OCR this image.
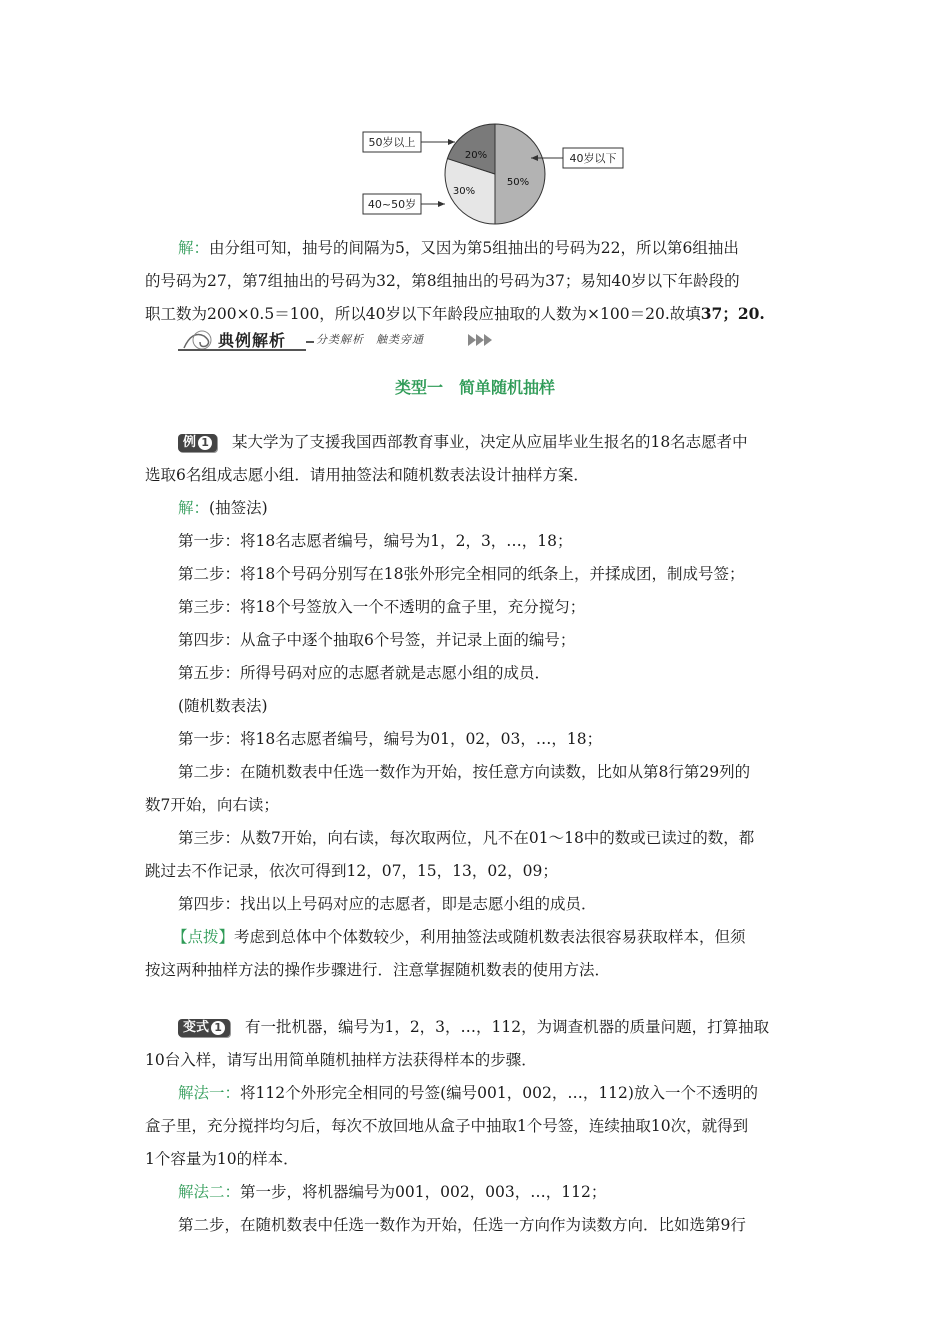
50岁以上
40~50岁
40岁以下
20%
30%
50%
解：由分组可知，抽号的间隔为5，又因为第5组抽出的号码为22，所以第6组抽出
的号码为27，第7组抽出的号码为32，第8组抽出的号码为37；易知40岁以下年龄段的
职工数为200×0.5＝100，所以40岁以下年龄段应抽取的人数为×100＝20.故填37；20.
典例解析	分类解析　触类旁通
类型一　简单随机抽样
例 1 某大学为了支援我国西部教育事业，决定从应届毕业生报名的18名志愿者中
选取6名组成志愿小组．请用抽签法和随机数表法设计抽样方案．
解：(抽签法)
第一步：将18名志愿者编号，编号为1，2，3，…，18；
第二步：将18个号码分别写在18张外形完全相同的纸条上，并揉成团，制成号签；
第三步：将18个号签放入一个不透明的盒子里，充分搅匀；
第四步：从盒子中逐个抽取6个号签，并记录上面的编号；
第五步：所得号码对应的志愿者就是志愿小组的成员．
(随机数表法)
第一步：将18名志愿者编号，编号为01，02，03，…，18；
第二步：在随机数表中任选一数作为开始，按任意方向读数，比如从第8行第29列的
数7开始，向右读；
第三步：从数7开始，向右读，每次取两位，凡不在01～18中的数或已读过的数，都
跳过去不作记录，依次可得到12，07，15，13，02，09；
第四步：找出以上号码对应的志愿者，即是志愿小组的成员．
【点拨】考虑到总体中个体数较少，利用抽签法或随机数表法很容易获取样本，但须
按这两种抽样方法的操作步骤进行．注意掌握随机数表的使用方法．
变式 1 有一批机器，编号为1，2，3，…，112，为调查机器的质量问题，打算抽取
10台入样，请写出用简单随机抽样方法获得样本的步骤．
解法一：将112个外形完全相同的号签(编号001，002，…，112)放入一个不透明的
盒子里，充分搅拌均匀后，每次不放回地从盒子中抽取1个号签，连续抽取10次，就得到
1个容量为10的样本．
解法二：第一步，将机器编号为001，002，003，…，112；
第二步，在随机数表中任选一数作为开始，任选一方向作为读数方向．比如选第9行
